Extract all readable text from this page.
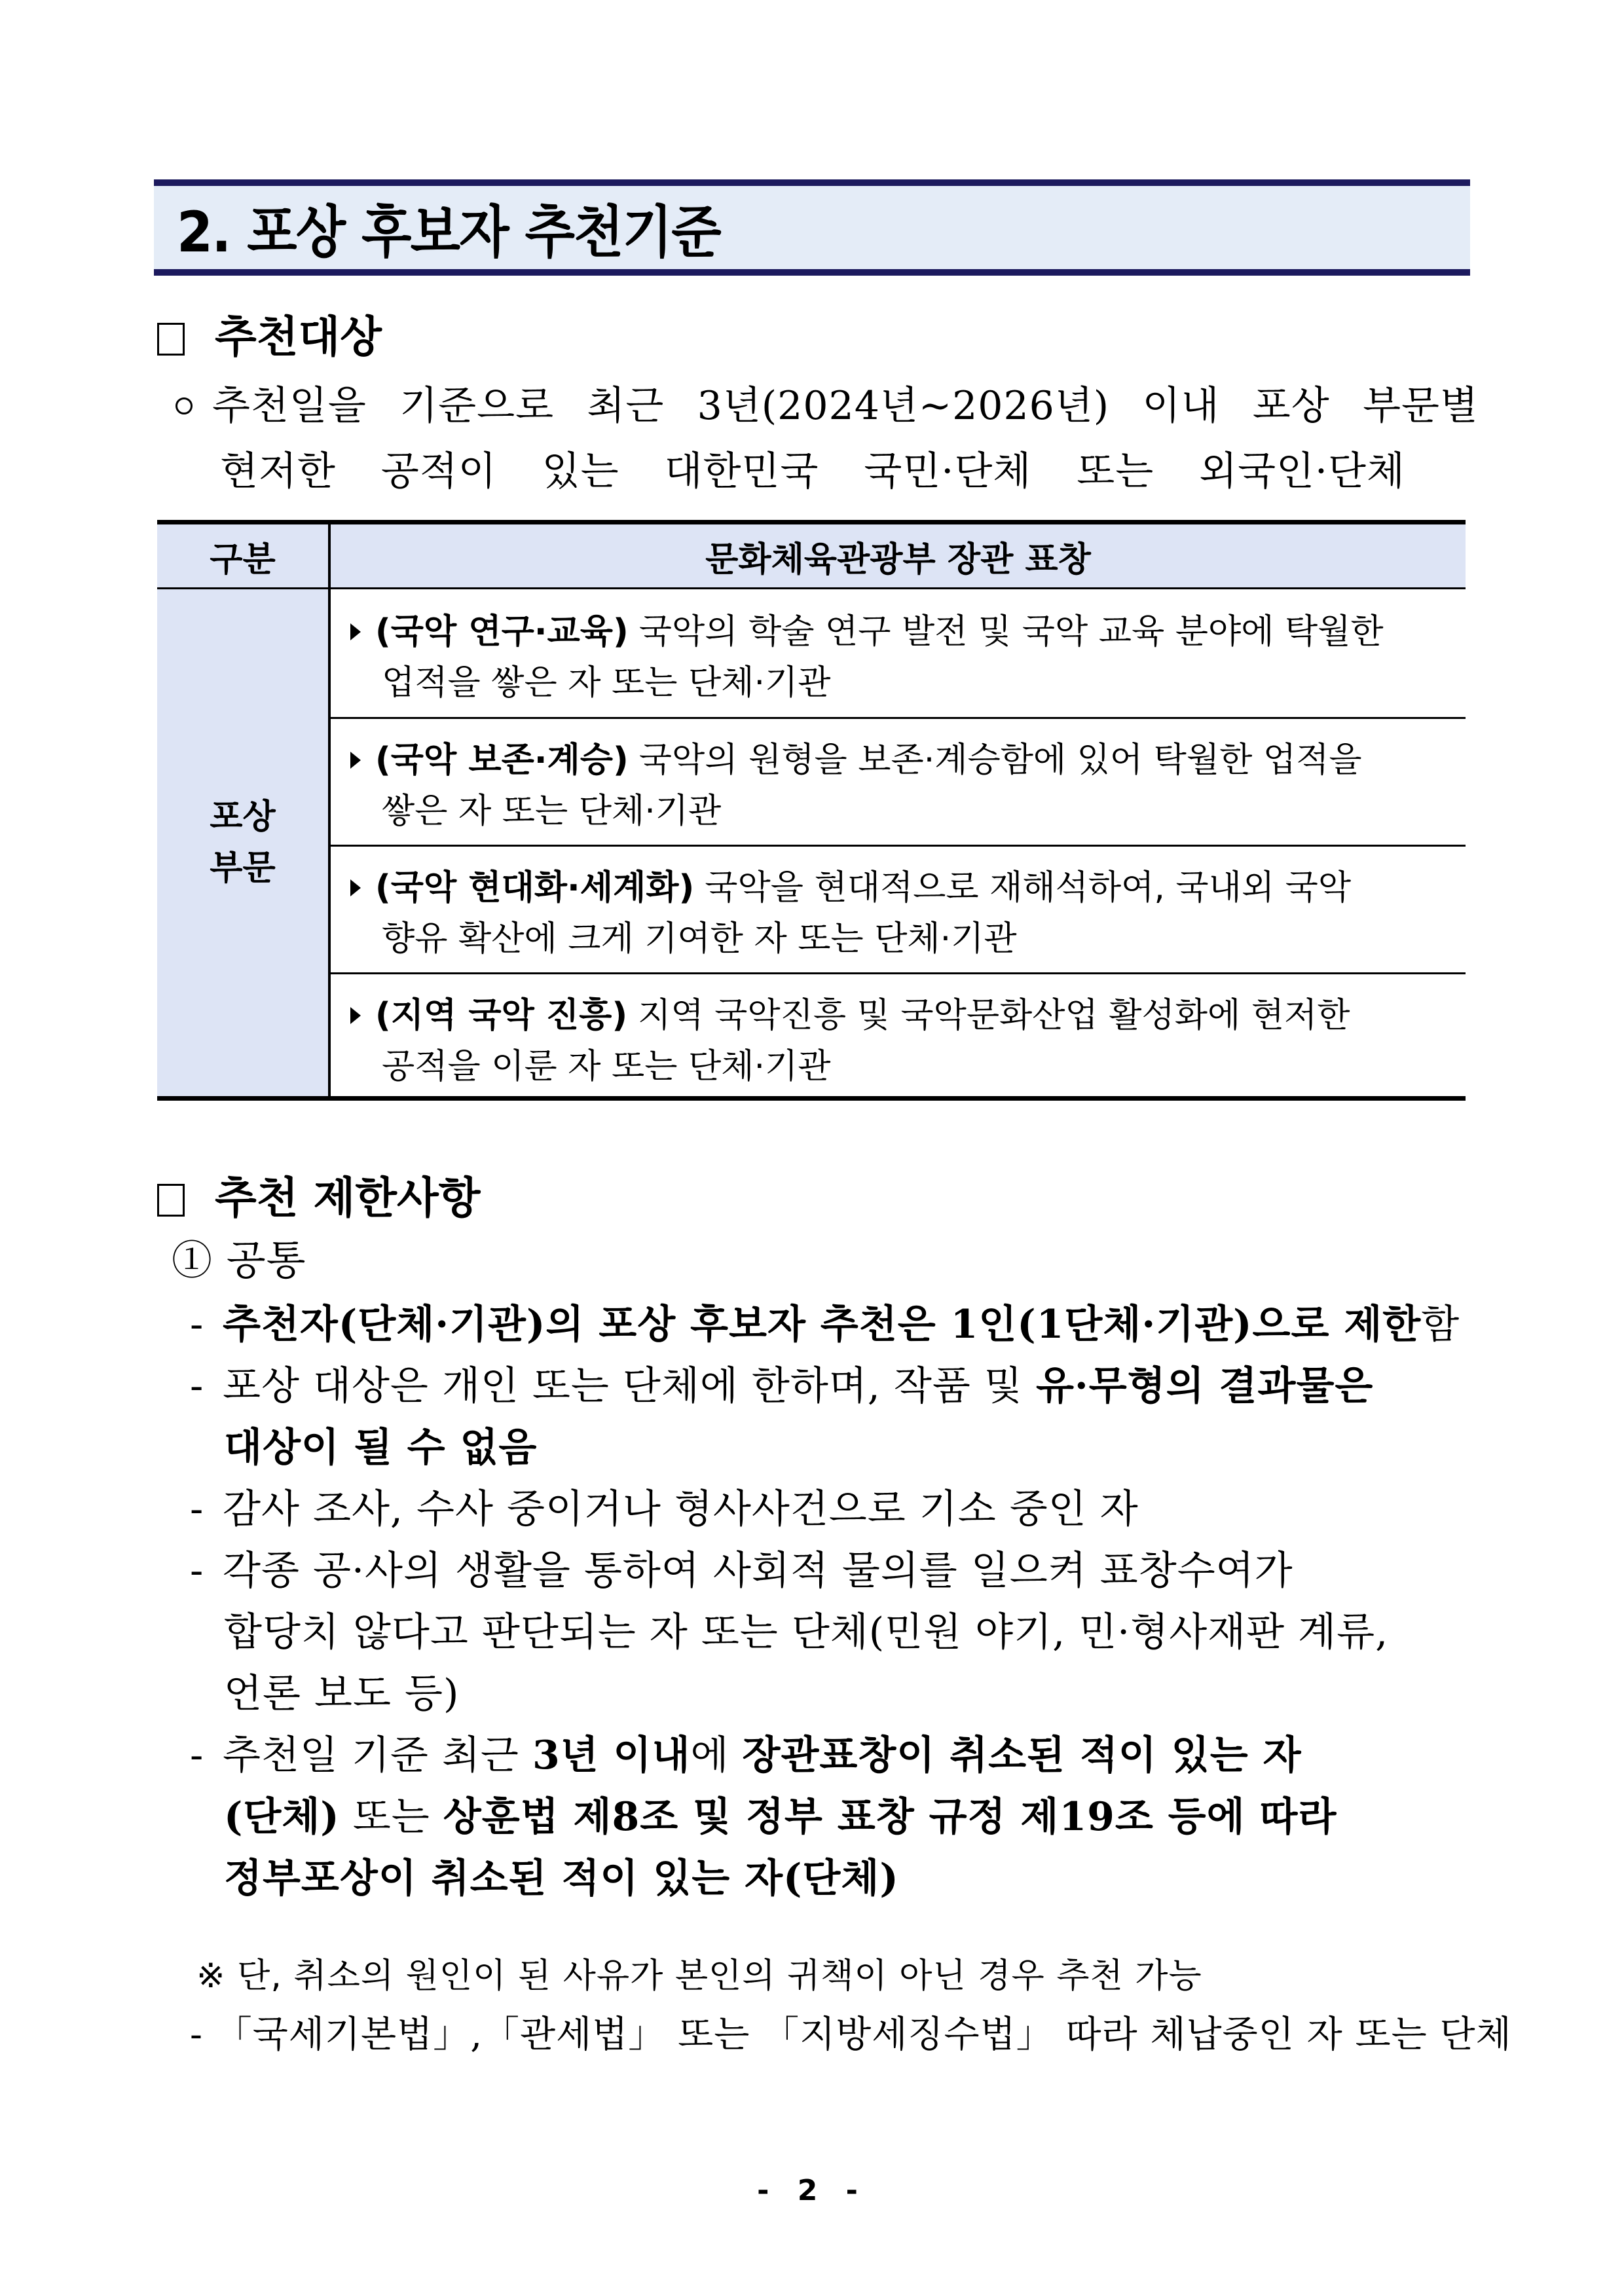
2. 포상 후보자 추천기준
추천대상
추천일을 기준으로 최근 3년(2024년~2026년) 이내 포상 부문별
현저한 공적이 있는 대한민국 국민·단체 또는 외국인·단체
구분	문화체육관광부 장관 표창
포상
부문
(국악 연구·교육) 국악의 학술 연구 발전 및 국악 교육 분야에 탁월한
업적을 쌓은 자 또는 단체·기관
(국악 보존·계승) 국악의 원형을 보존·계승함에 있어 탁월한 업적을
쌓은 자 또는 단체·기관
(국악 현대화·세계화) 국악을 현대적으로 재해석하여, 국내외 국악
향유 확산에 크게 기여한 자 또는 단체·기관
(지역 국악 진흥) 지역 국악진흥 및 국악문화산업 활성화에 현저한
공적을 이룬 자 또는 단체·기관
추천 제한사항
① 공통
- 추천자(단체·기관)의 포상 후보자 추천은 1인(1단체·기관)으로 제한함
- 포상 대상은 개인 또는 단체에 한하며, 작품 및 유·무형의 결과물은
대상이 될 수 없음
- 감사 조사, 수사 중이거나 형사사건으로 기소 중인 자
- 각종 공·사의 생활을 통하여 사회적 물의를 일으켜 표창수여가
합당치 않다고 판단되는 자 또는 단체(민원 야기, 민·형사재판 계류,
언론 보도 등)
- 추천일 기준 최근 3년 이내에 장관표창이 취소된 적이 있는 자
(단체) 또는 상훈법 제8조 및 정부 표창 규정 제19조 등에 따라
정부포상이 취소된 적이 있는 자(단체)
※ 단, 취소의 원인이 된 사유가 본인의 귀책이 아닌 경우 추천 가능
- 「국세기본법」,「관세법」 또는 「지방세징수법」 따라 체납중인 자 또는 단체
- 2 -
